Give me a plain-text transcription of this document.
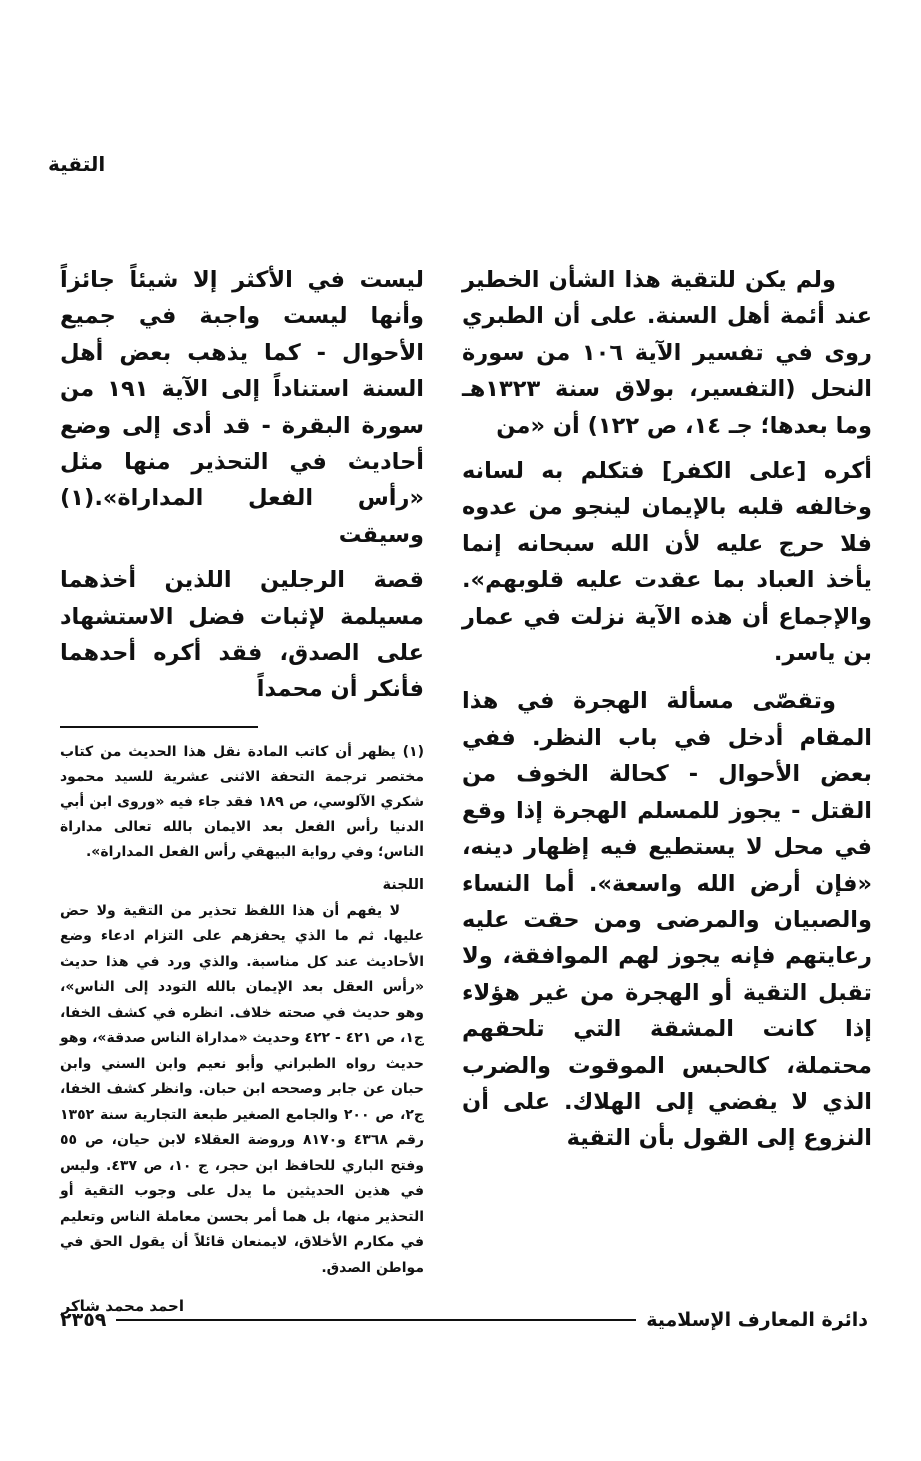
التقية

ولم يكن للتقية هذا الشأن الخطير عند أئمة أهل السنة. على أن الطبري روى في تفسير الآية ١٠٦ من سورة النحل (التفسير، بولاق سنة ١٣٢٣هـ وما بعدها؛ جـ ١٤، ص ١٢٢) أن «من

أكره [على الكفر] فتكلم به لسانه وخالفه قلبه بالإيمان لينجو من عدوه فلا حرج عليه لأن الله سبحانه إنما يأخذ العباد بما عقدت عليه قلوبهم». والإجماع أن هذه الآية نزلت في عمار بن ياسر.

وتقصّى مسألة الهجرة في هذا المقام أدخل في باب النظر. ففي بعض الأحوال - كحالة الخوف من القتل - يجوز للمسلم الهجرة إذا وقع في محل لا يستطيع فيه إظهار دينه، «فإن أرض الله واسعة». أما النساء والصبيان والمرضى ومن حقت عليه رعايتهم فإنه يجوز لهم الموافقة، ولا تقبل التقية أو الهجرة من غير هؤلاء إذا كانت المشقة التي تلحقهم محتملة، كالحبس الموقوت والضرب الذي لا يفضي إلى الهلاك. على أن النزوع إلى القول بأن التقية

ليست في الأكثر إلا شيئاً جائزاً وأنها ليست واجبة في جميع الأحوال - كما يذهب بعض أهل السنة استناداً إلى الآية ١٩١ من سورة البقرة - قد أدى إلى وضع أحاديث في التحذير منها مثل «رأس الفعل المداراة».(١) وسيقت

قصة الرجلين اللذين أخذهما مسيلمة لإثبات فضل الاستشهاد على الصدق، فقد أكره أحدهما فأنكر أن محمداً

(١) يظهر أن كاتب المادة نقل هذا الحديث من كتاب مختصر ترجمة التحفة الاثنى عشرية للسيد محمود شكري الآلوسي، ص ١٨٩ فقد جاء فيه «وروى ابن أبي الدنيا رأس الفعل بعد الايمان بالله تعالى مداراة الناس؛ وفي رواية البيهقي رأس الفعل المداراة».

اللجنة

لا يفهم أن هذا اللفظ تحذير من التقية ولا حض عليها. ثم ما الذي يحفزهم على التزام ادعاء وضع الأحاديث عند كل مناسبة. والذي ورد في هذا حديث «رأس العقل بعد الإيمان بالله التودد إلى الناس»، وهو حديث في صحته خلاف. انظره في كشف الخفا، ج١، ص ٤٢١ - ٤٢٢ وحديث «مداراة الناس صدقة»، وهو حديث رواه الطبراني وأبو نعيم وابن السني وابن حبان عن جابر وصححه ابن حبان. وانظر كشف الخفا، ج٢، ص ٢٠٠ والجامع الصغير طبعة التجارية سنة ١٣٥٢ رقم ٤٣٦٨ و٨١٧٠ وروضة العقلاء لابن حيان، ص ٥٥ وفتح الباري للحافظ ابن حجر، ج ١٠، ص ٤٣٧. وليس في هذين الحديثين ما يدل على وجوب التقية أو التحذير منها، بل هما أمر بحسن معاملة الناس وتعليم في مكارم الأخلاق، لايمنعان قائلاً أن يقول الحق في مواطن الصدق.

احمد محمد شاكر
دائرة المعارف الإسلامية
٢٣٥٩
